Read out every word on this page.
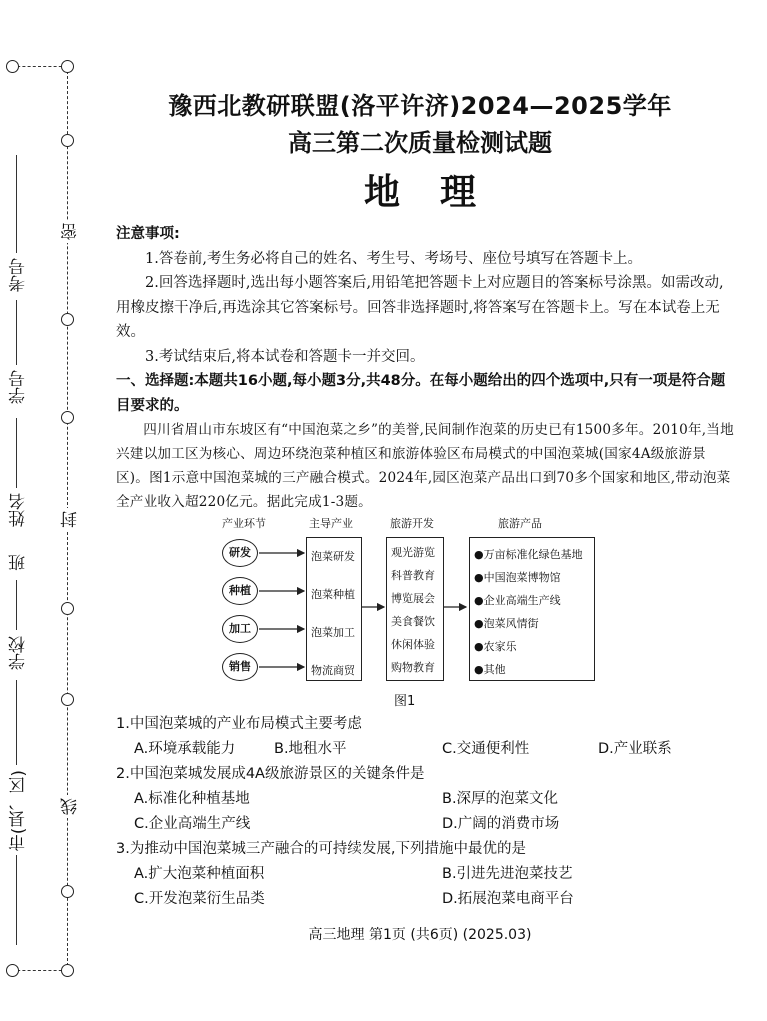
密
封
线
考号
学号
姓名
班
学校
市(县、区)
豫西北教研联盟(洛平许济)2024—2025学年
高三第二次质量检测试题
地理

注意事项:

1.答卷前,考生务必将自己的姓名、考生号、考场号、座位号填写在答题卡上。

2.回答选择题时,选出每小题答案后,用铅笔把答题卡上对应题目的答案标号涂黑。如需改动,用橡皮擦干净后,再选涂其它答案标号。回答非选择题时,将答案写在答题卡上。写在本试卷上无效。

3.考试结束后,将本试卷和答题卡一并交回。

一、选择题:本题共16小题,每小题3分,共48分。在每小题给出的四个选项中,只有一项是符合题目要求的。

四川省眉山市东坡区有“中国泡菜之乡”的美誉,民间制作泡菜的历史已有1500多年。2010年,当地兴建以加工区为核心、周边环绕泡菜种植区和旅游体验区布局模式的中国泡菜城(国家4A级旅游景区)。图1示意中国泡菜城的三产融合模式。2024年,园区泡菜产品出口到70多个国家和地区,带动泡菜全产业收入超220亿元。据此完成1-3题。

产业环节	主导产业	旅游开发	旅游产品
研发
种植
加工
销售
泡菜研发
泡菜种植
泡菜加工
物流商贸
观光游览
科普教育
博览展会
美食餐饮
休闲体验
购物教育
●万亩标准化绿色基地
●中国泡菜博物馆
●企业高端生产线
●泡菜风情街
●农家乐
●其他
图1

1.中国泡菜城的产业布局模式主要考虑

A.环境承载能力	B.地租水平	C.交通便利性	D.产业联系

2.中国泡菜城发展成4A级旅游景区的关键条件是

A.标准化种植基地	B.深厚的泡菜文化
C.企业高端生产线	D.广阔的消费市场

3.为推动中国泡菜城三产融合的可持续发展,下列措施中最优的是

A.扩大泡菜种植面积	B.引进先进泡菜技艺
C.开发泡菜衍生品类	D.拓展泡菜电商平台
高三地理 第1页 (共6页) (2025.03)
